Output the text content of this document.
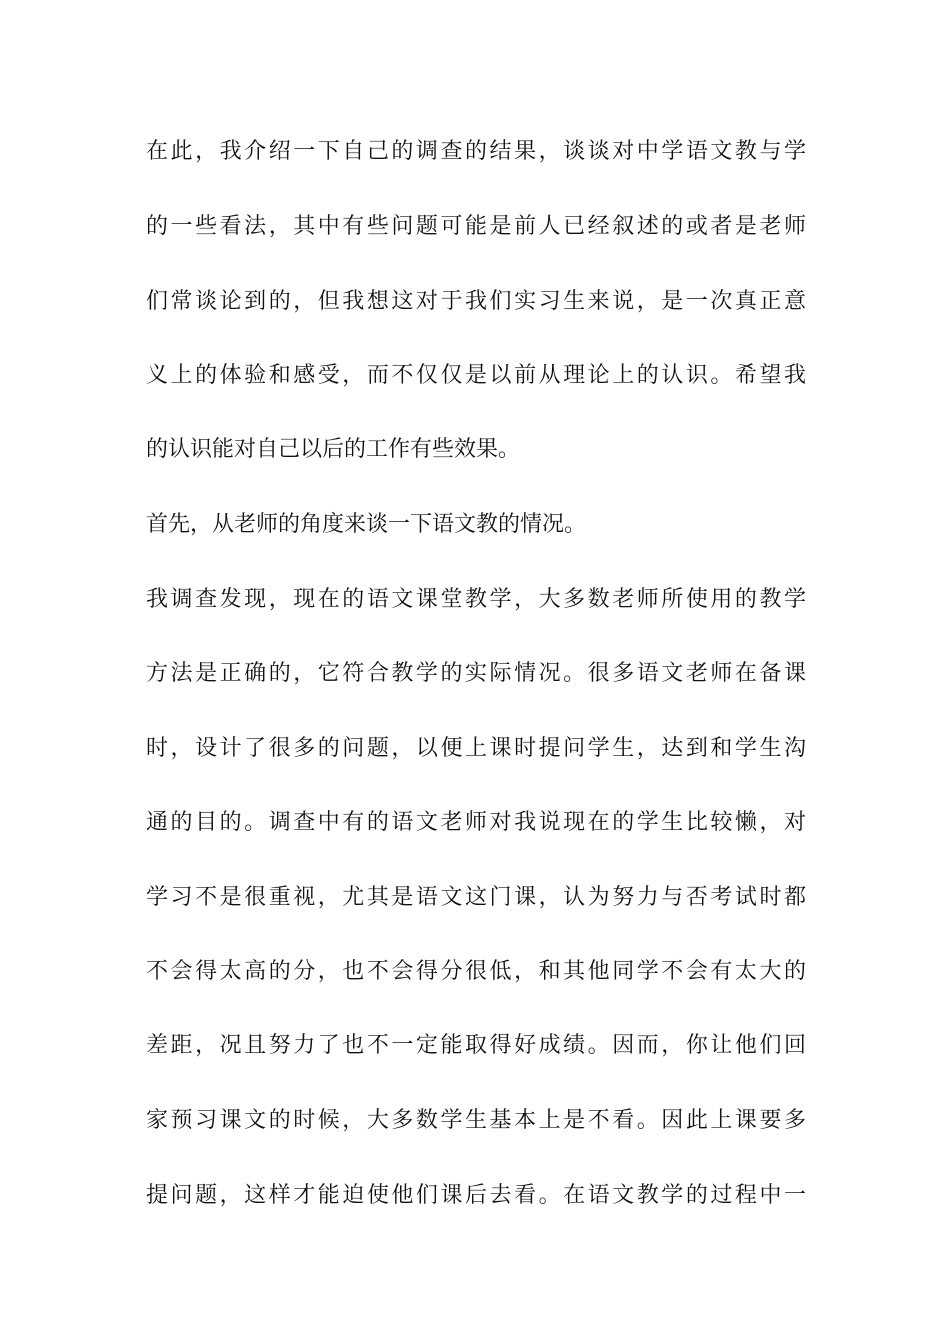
在此，我介绍一下自己的调查的结果，谈谈对中学语文教与学
的一些看法，其中有些问题可能是前人已经叙述的或者是老师
们常谈论到的，但我想这对于我们实习生来说，是一次真正意
义上的体验和感受，而不仅仅是以前从理论上的认识。希望我
的认识能对自己以后的工作有些效果。
首先，从老师的角度来谈一下语文教的情况。
我调查发现，现在的语文课堂教学，大多数老师所使用的教学
方法是正确的，它符合教学的实际情况。很多语文老师在备课
时，设计了很多的问题，以便上课时提问学生，达到和学生沟
通的目的。调查中有的语文老师对我说现在的学生比较懒，对
学习不是很重视，尤其是语文这门课，认为努力与否考试时都
不会得太高的分，也不会得分很低，和其他同学不会有太大的
差距，况且努力了也不一定能取得好成绩。因而，你让他们回
家预习课文的时候，大多数学生基本上是不看。因此上课要多
提问题，这样才能迫使他们课后去看。在语文教学的过程中一
